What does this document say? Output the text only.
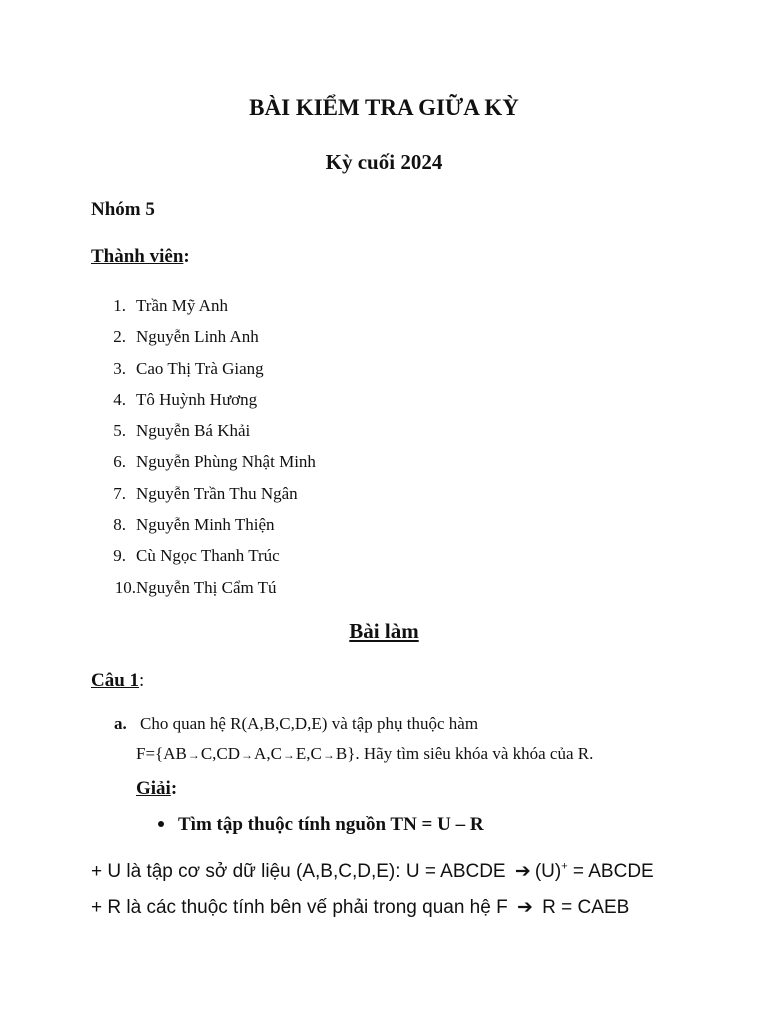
BÀI KIỂM TRA GIỮA KỲ
Kỳ cuối 2024
Nhóm 5
Thành viên:
1. Trần Mỹ Anh
2. Nguyễn Linh Anh
3. Cao Thị Trà Giang
4. Tô Huỳnh Hương
5. Nguyễn Bá Khải
6. Nguyễn Phùng Nhật Minh
7. Nguyễn Trần Thu Ngân
8. Nguyễn Minh Thiện
9. Cù Ngọc Thanh Trúc
10. Nguyễn Thị Cẩm Tú
Bài làm
Câu 1:
a. Cho quan hệ R(A,B,C,D,E) và tập phụ thuộc hàm
F={AB→C,CD→A,C→E,C→B}. Hãy tìm siêu khóa và khóa của R.
Giải:
Tìm tập thuộc tính nguồn TN = U – R
+ U là tập cơ sở dữ liệu (A,B,C,D,E): U = ABCDE ➔ (U)+ = ABCDE
+ R là các thuộc tính bên vế phải trong quan hệ F ➔ R = CAEB
